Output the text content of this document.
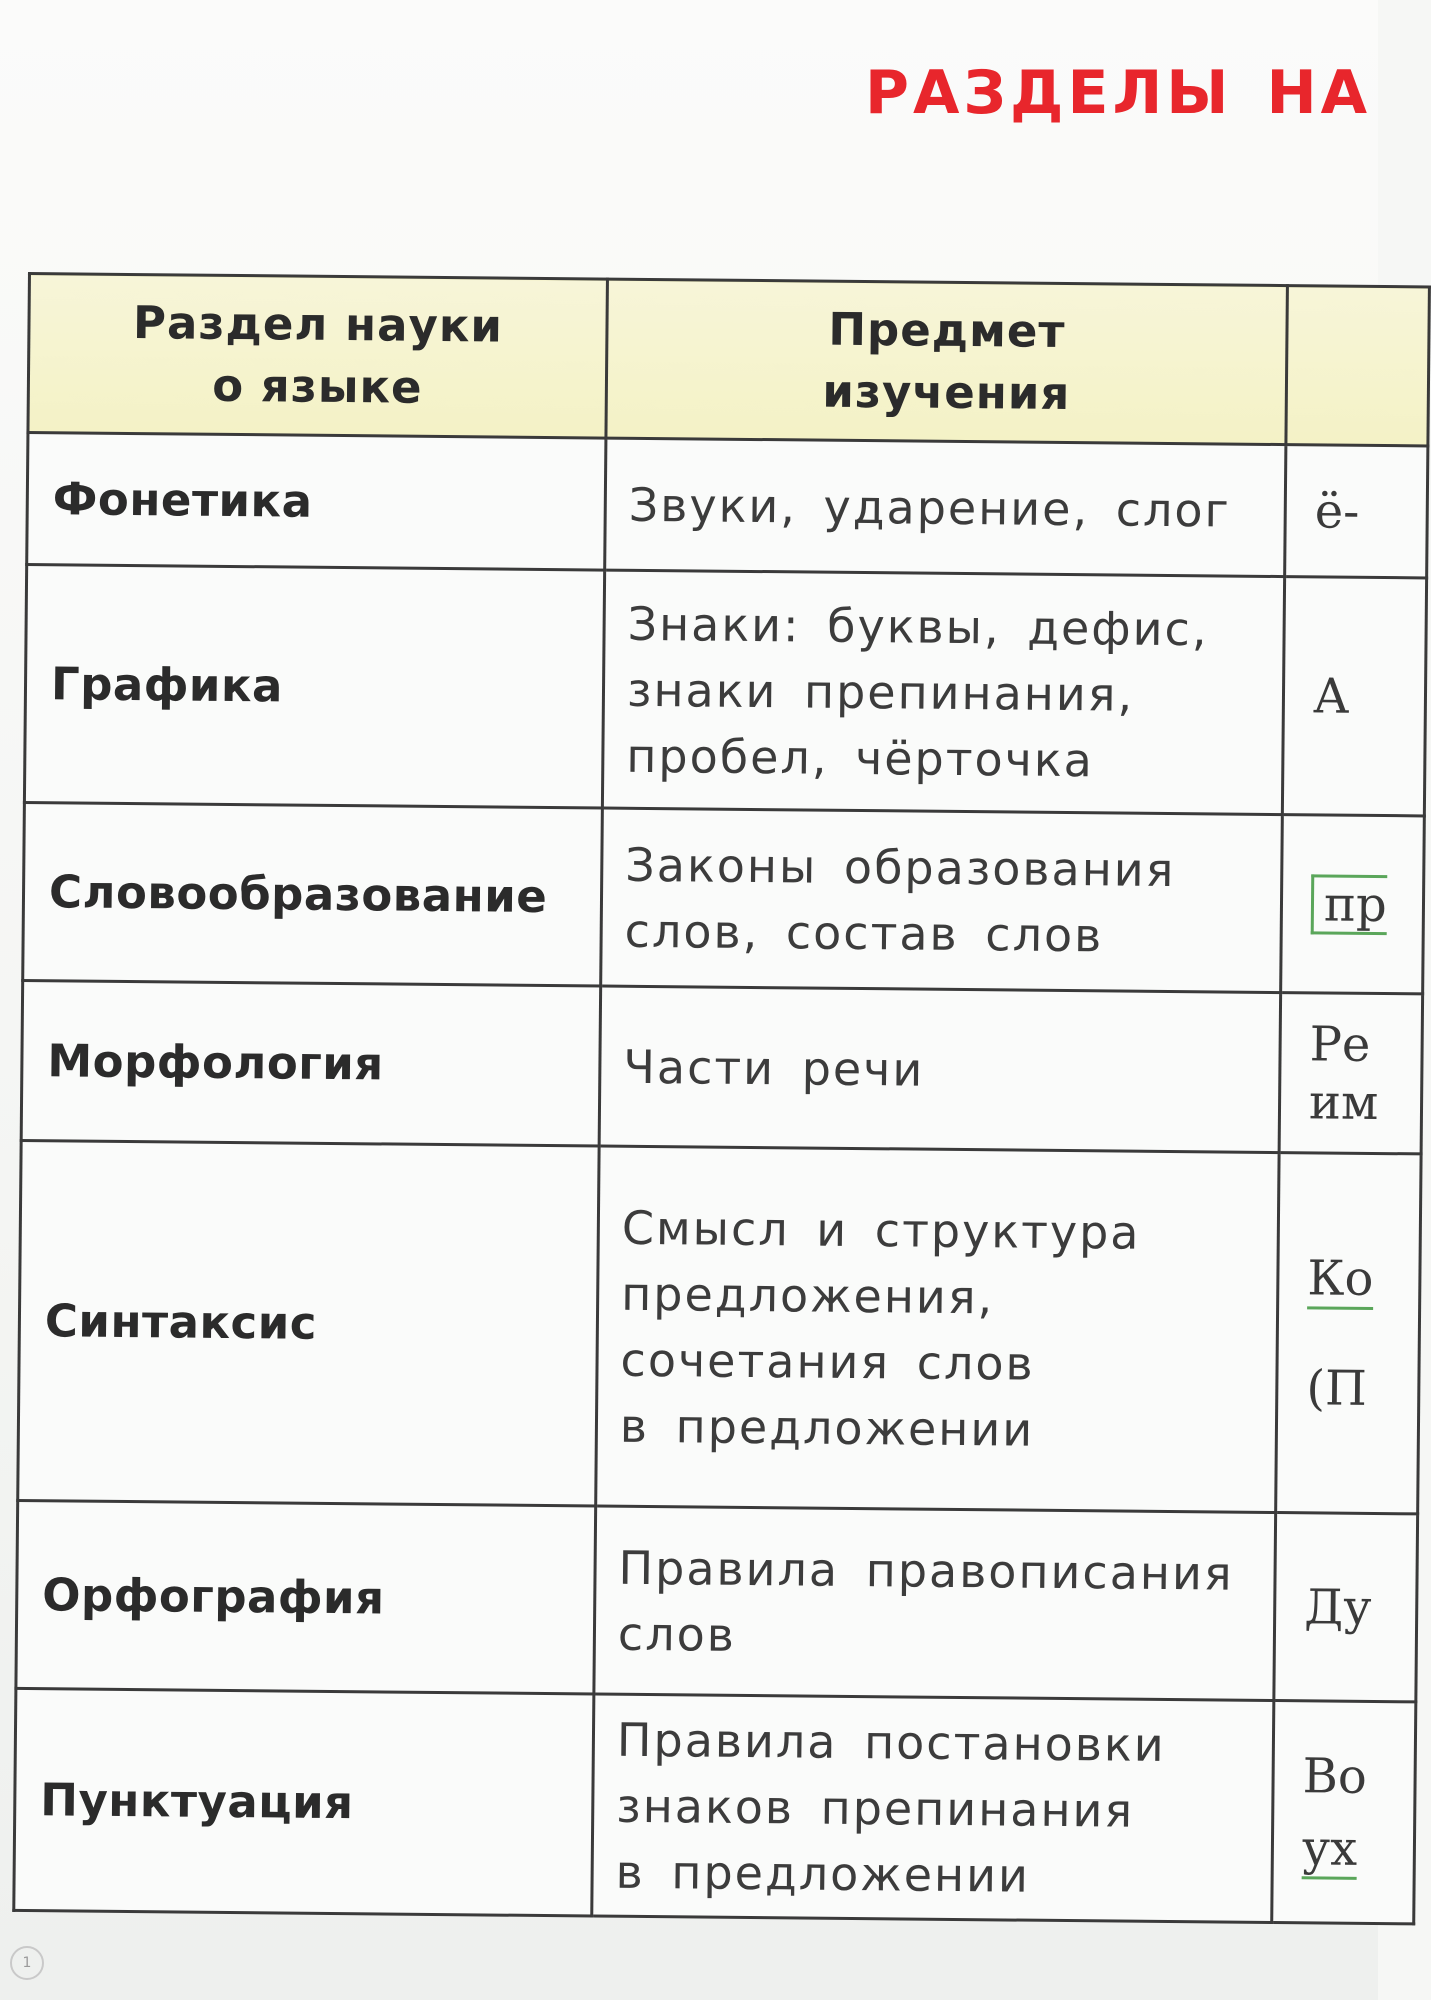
РАЗДЕЛЫ НА
Раздел науки
о языке	Предмет
изучения	

Фонетика	Звуки, ударение, слог	ё-

Графика	Знаки: буквы, дефис,
знаки препинания,
пробел, чёрточка	А

Словообразование	Законы образования
слов, состав слов	пр
Морфология	Части речи	Ре
им

Синтаксис	Смысл и структура
предложения,
сочетания слов
в предложении	Ко
(П

Орфография	Правила правописания
слов	Ду

Пунктуация	Правила постановки
знаков препинания
в предложении	Во
ух
1
